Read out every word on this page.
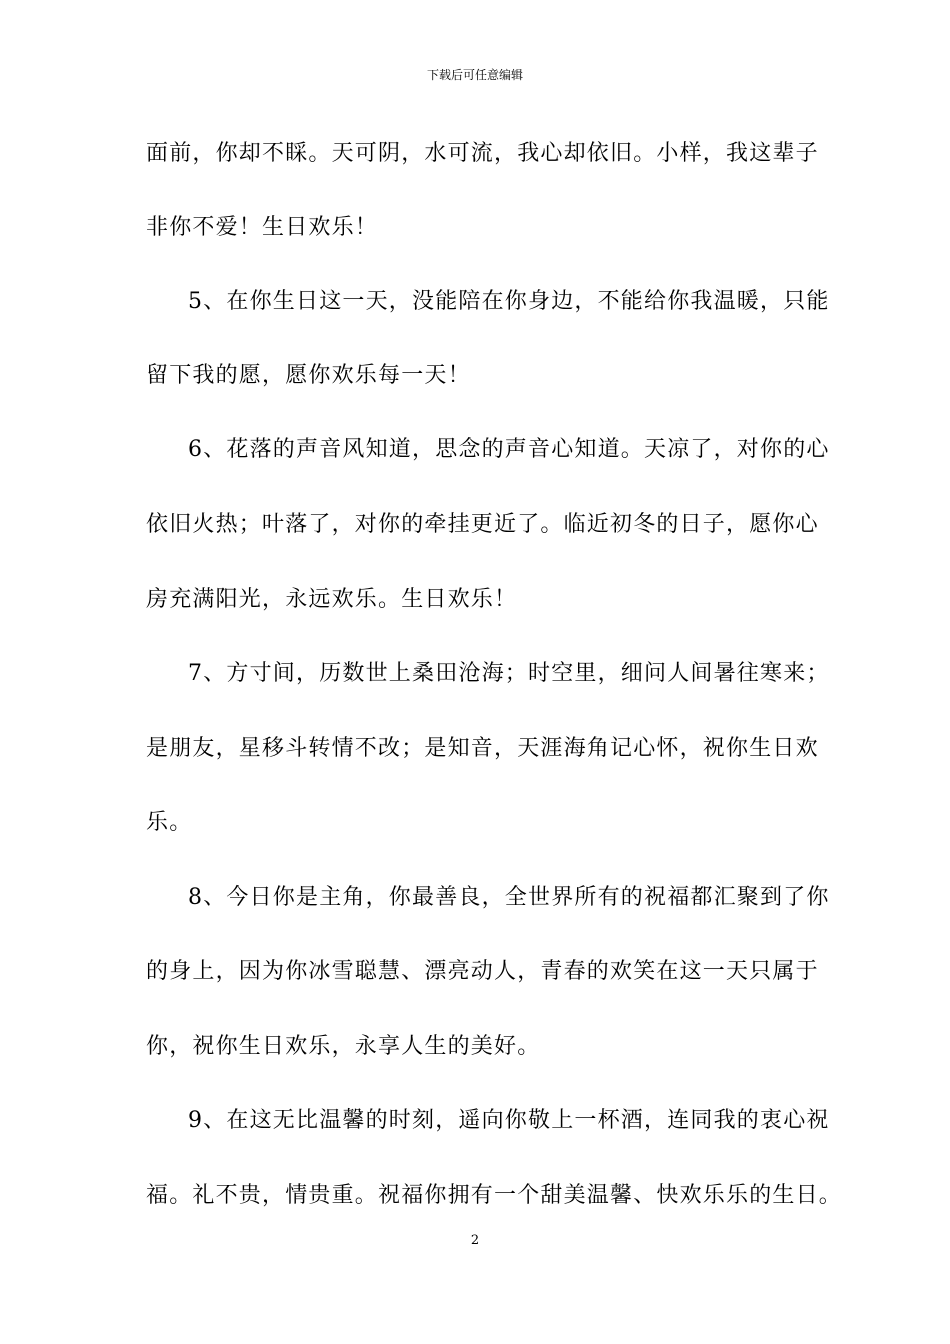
下载后可任意编辑
面前，你却不睬。天可阴，水可流，我心却依旧。小样，我这辈子
非你不爱！生日欢乐！
5、在你生日这一天，没能陪在你身边，不能给你我温暖，只能
留下我的愿，愿你欢乐每一天！
6、花落的声音风知道，思念的声音心知道。天凉了，对你的心
依旧火热；叶落了，对你的牵挂更近了。临近初冬的日子，愿你心
房充满阳光，永远欢乐。生日欢乐！
7、方寸间，历数世上桑田沧海；时空里，细问人间暑往寒来；
是朋友，星移斗转情不改；是知音，天涯海角记心怀，祝你生日欢
乐。
8、今日你是主角，你最善良，全世界所有的祝福都汇聚到了你
的身上，因为你冰雪聪慧、漂亮动人，青春的欢笑在这一天只属于
你，祝你生日欢乐，永享人生的美好。
9、在这无比温馨的时刻，遥向你敬上一杯酒，连同我的衷心祝
福。礼不贵，情贵重。祝福你拥有一个甜美温馨、快欢乐乐的生日。
2
